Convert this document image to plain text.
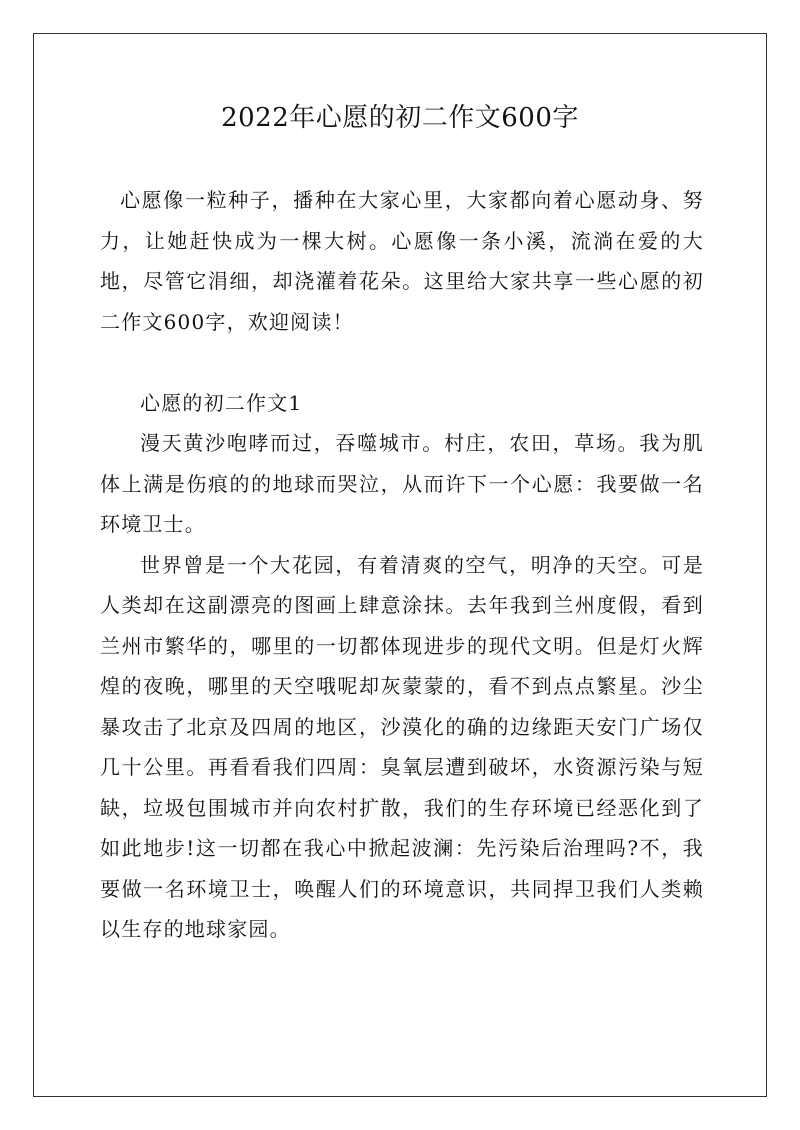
2022年心愿的初二作文600字

心愿像一粒种子，播种在大家心里，大家都向着心愿动身、努力，让她赶快成为一棵大树。心愿像一条小溪，流淌在爱的大地，尽管它涓细，却浇灌着花朵。这里给大家共享一些心愿的初二作文600字，欢迎阅读！

心愿的初二作文1

漫天黄沙咆哮而过，吞噬城市。村庄，农田，草场。我为肌体上满是伤痕的的地球而哭泣，从而许下一个心愿：我要做一名环境卫士。

世界曾是一个大花园，有着清爽的空气，明净的天空。可是人类却在这副漂亮的图画上肆意涂抹。去年我到兰州度假，看到兰州市繁华的，哪里的一切都体现进步的现代文明。但是灯火辉煌的夜晚，哪里的天空哦呢却灰蒙蒙的，看不到点点繁星。沙尘暴攻击了北京及四周的地区，沙漠化的确的边缘距天安门广场仅几十公里。再看看我们四周：臭氧层遭到破坏，水资源污染与短缺，垃圾包围城市并向农村扩散，我们的生存环境已经恶化到了如此地步!这一切都在我心中掀起波澜：先污染后治理吗?不，我要做一名环境卫士，唤醒人们的环境意识，共同捍卫我们人类赖以生存的地球家园。
